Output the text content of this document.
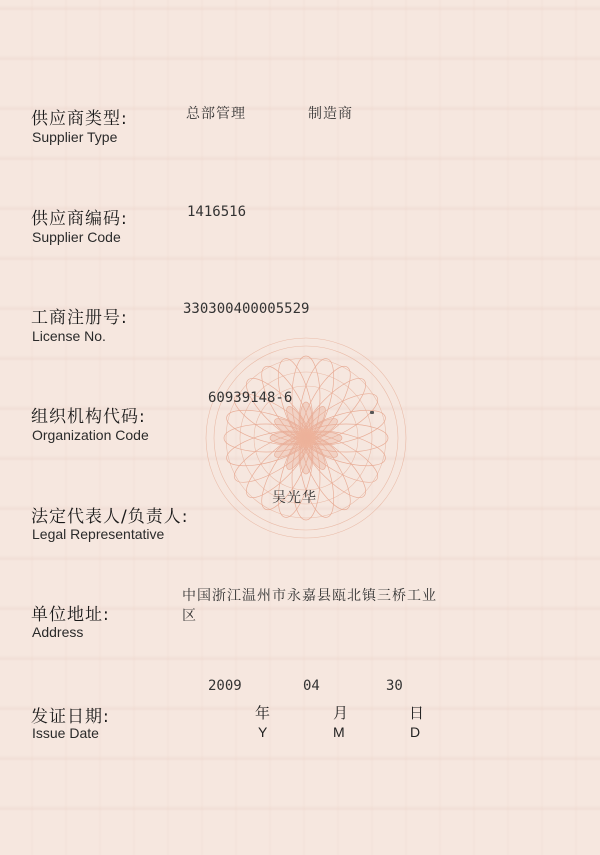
供应商类型:
Supplier Type
总部管理	制造商
供应商编码:
Supplier Code
1416516
工商注册号:
License No.
330300400005529
组织机构代码:
Organization Code
60939148-6
法定代表人/负责人:
Legal Representative
吴光华
单位地址:
Address
中国浙江温州市永嘉县瓯北镇三桥工业
区
发证日期:
Issue Date
2009	04	30
年	月	日
Y	M	D
